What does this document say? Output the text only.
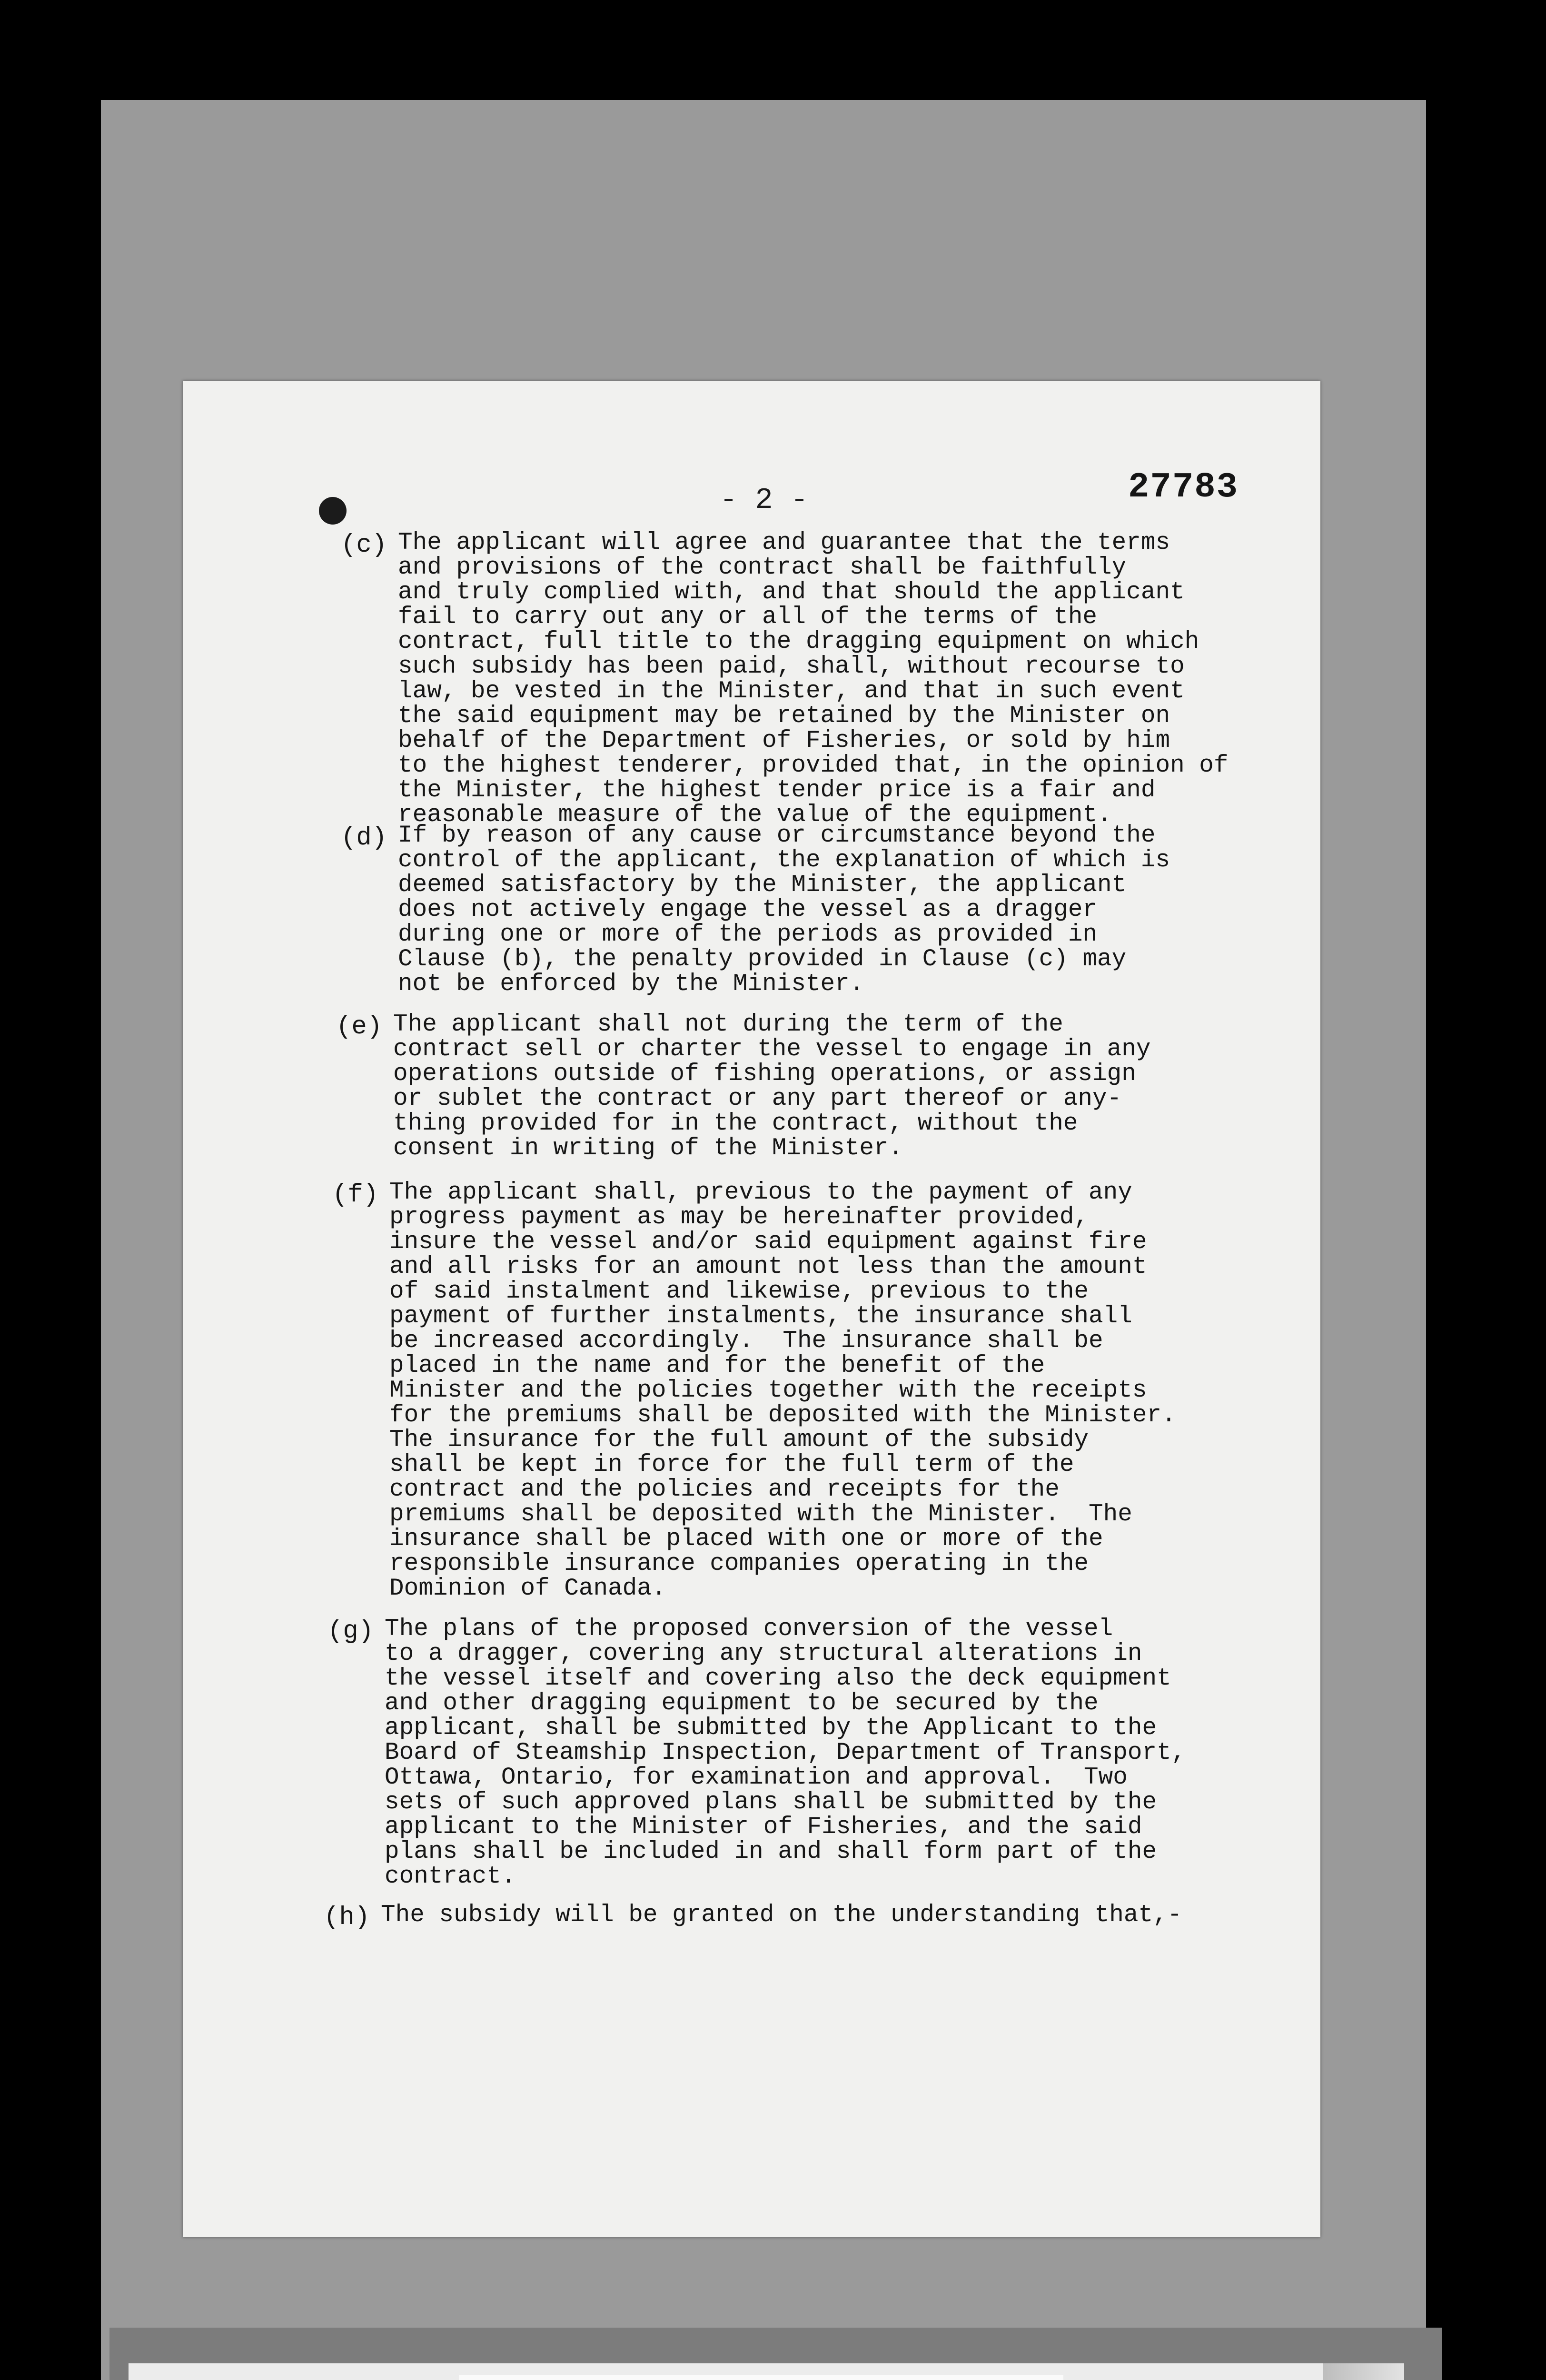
- 2 -	27783
(c) The applicant will agree and guarantee that the terms
and provisions of the contract shall be faithfully
and truly complied with, and that should the applicant
fail to carry out any or all of the terms of the
contract, full title to the dragging equipment on which
such subsidy has been paid, shall, without recourse to
law, be vested in the Minister, and that in such event
the said equipment may be retained by the Minister on
behalf of the Department of Fisheries, or sold by him
to the highest tenderer, provided that, in the opinion of
the Minister, the highest tender price is a fair and
reasonable measure of the value of the equipment.
(d) If by reason of any cause or circumstance beyond the
control of the applicant, the explanation of which is
deemed satisfactory by the Minister, the applicant
does not actively engage the vessel as a dragger
during one or more of the periods as provided in
Clause (b), the penalty provided in Clause (c) may
not be enforced by the Minister.
(e) The applicant shall not during the term of the
contract sell or charter the vessel to engage in any
operations outside of fishing operations, or assign
or sublet the contract or any part thereof or any-
thing provided for in the contract, without the
consent in writing of the Minister.
(f) The applicant shall, previous to the payment of any
progress payment as may be hereinafter provided,
insure the vessel and/or said equipment against fire
and all risks for an amount not less than the amount
of said instalment and likewise, previous to the
payment of further instalments, the insurance shall
be increased accordingly.  The insurance shall be
placed in the name and for the benefit of the
Minister and the policies together with the receipts
for the premiums shall be deposited with the Minister.
The insurance for the full amount of the subsidy
shall be kept in force for the full term of the
contract and the policies and receipts for the
premiums shall be deposited with the Minister.  The
insurance shall be placed with one or more of the
responsible insurance companies operating in the
Dominion of Canada.
(g) The plans of the proposed conversion of the vessel
to a dragger, covering any structural alterations in
the vessel itself and covering also the deck equipment
and other dragging equipment to be secured by the
applicant, shall be submitted by the Applicant to the
Board of Steamship Inspection, Department of Transport,
Ottawa, Ontario, for examination and approval.  Two
sets of such approved plans shall be submitted by the
applicant to the Minister of Fisheries, and the said
plans shall be included in and shall form part of the
contract.
(h) The subsidy will be granted on the understanding that,-
